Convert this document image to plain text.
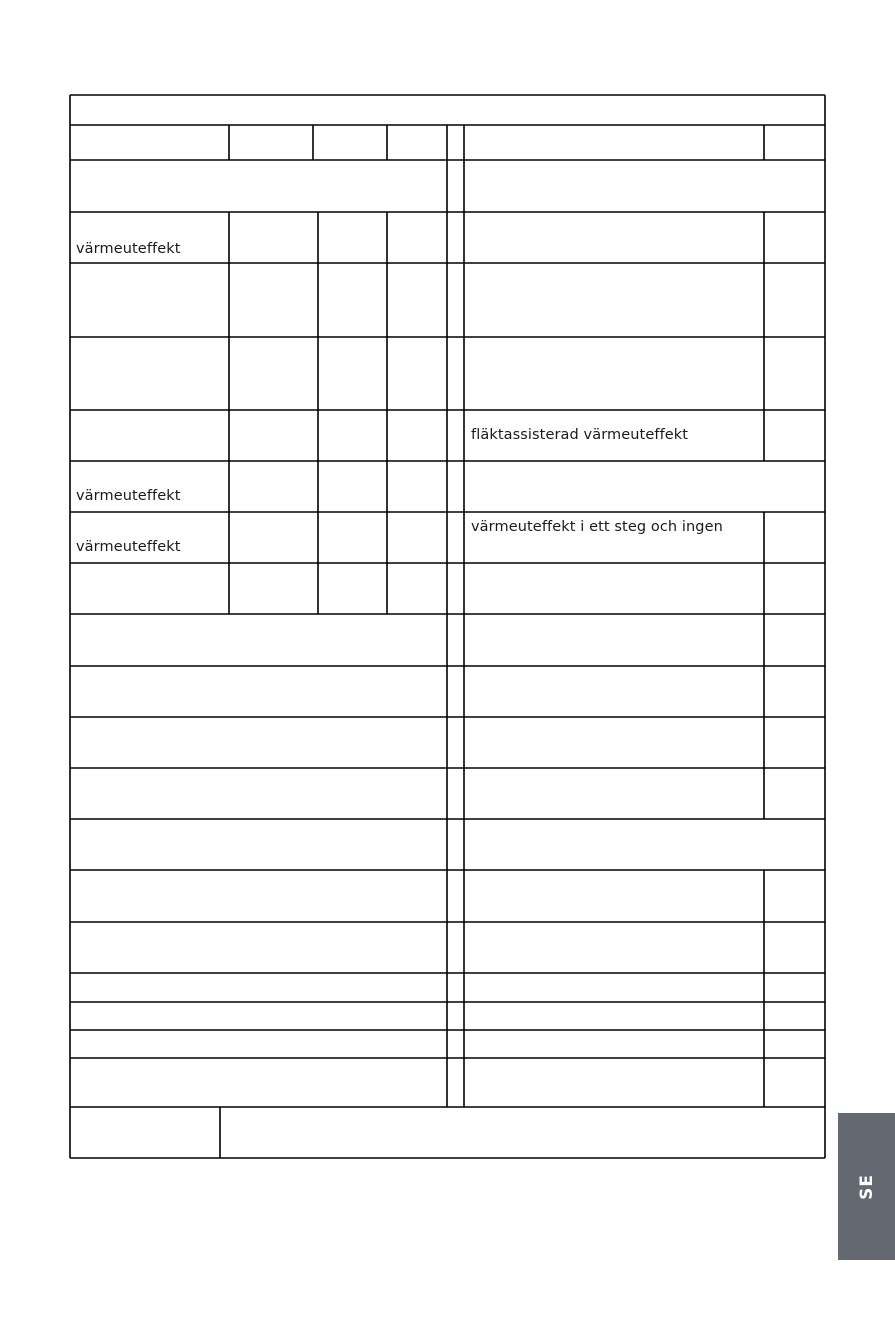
värmeuteffekt
värmeuteffekt
värmeuteffekt
fläktassisterad värmeuteffekt
värmeuteffekt i ett steg och ingen
SE
